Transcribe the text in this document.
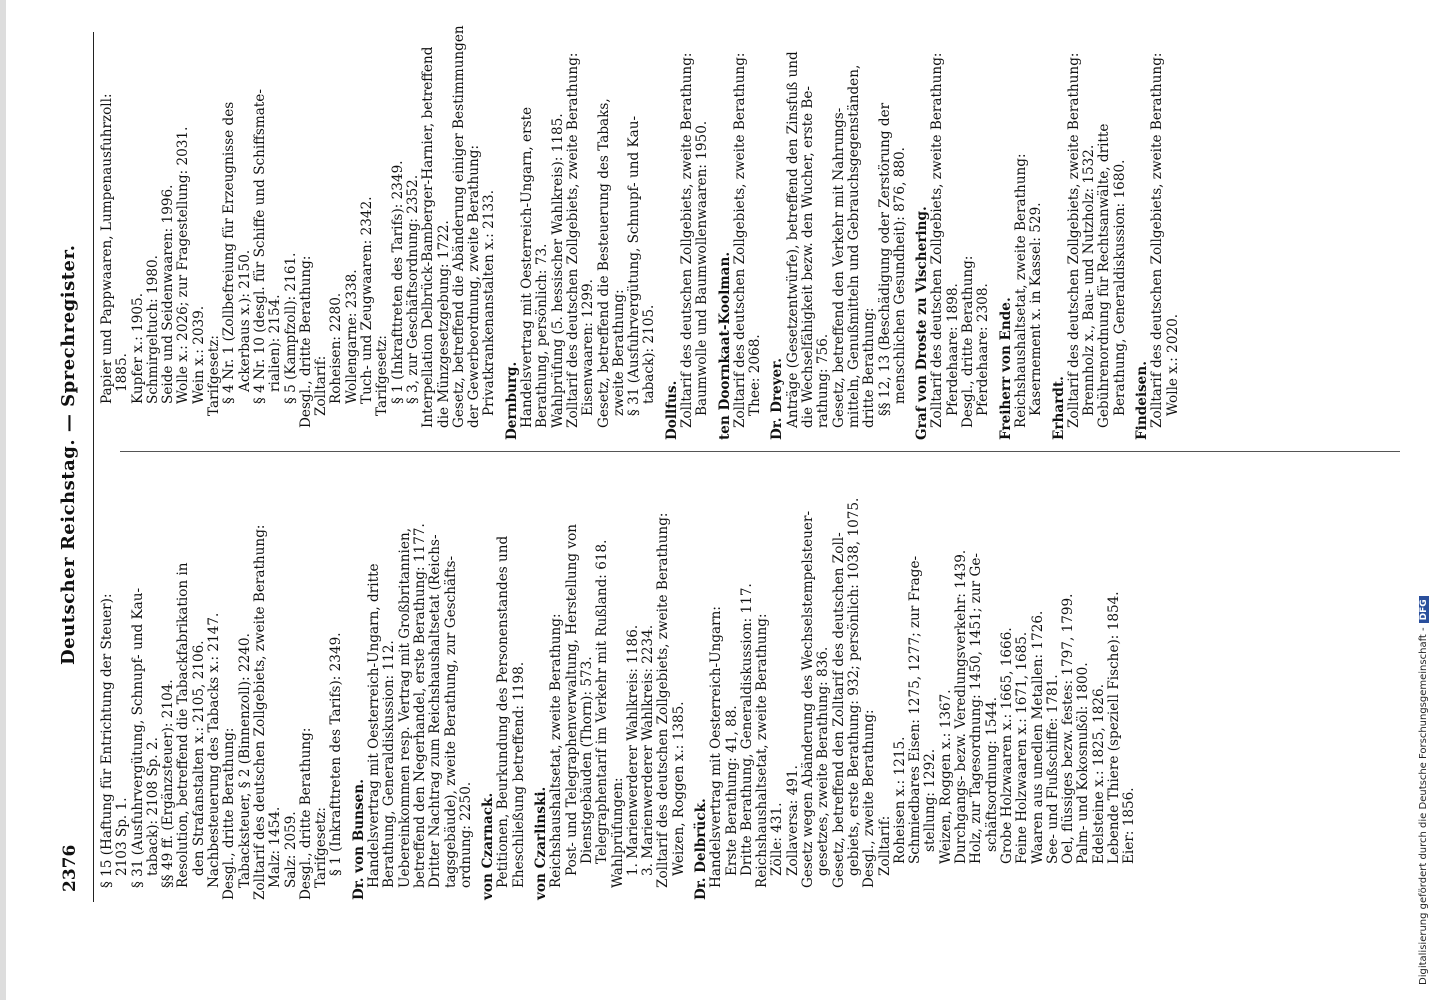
2376
Deutscher Reichstag. — Sprechregister.
§ 15 (Haftung für Entrichtung der Steuer): 2103 Sp. 1. § 31 (Ausfuhrvergütung, Schnupf- und Kau- taback): 2108 Sp. 2. §§ 49 ff. (Ergänzsteuer): 2104. Resolution, betreffend die Tabackfabrikation in den Strafanstalten x.: 2105, 2106. Nachbesteuerung des Tabacks x.: 2147. Desgl., dritte Berathung: Tabacksteuer, § 2 (Binnenzoll): 2240. Zolltarif des deutschen Zollgebiets, zweite Berathung: Malz: 1454. Salz: 2059. Desgl., dritte Berathung: Tarifgesetz: § 1 (Inkrafttreten des Tarifs): 2349. Dr. von Bunsen. Handelsvertrag mit Oesterreich-Ungarn, dritte Berathung, Generaldiskussion: 112. Uebereinkommen resp. Vertrag mit Großbritannien, betreffend den Negerhandel, erste Berathung: 1177. Dritter Nachtrag zum Reichshaushaltsetat (Reichs- tagsgebäude), zweite Berathung, zur Geschäfts- ordnung: 2250. von Czarnack. Petitionen, Beurkundung des Personenstandes und Eheschließung betreffend: 1198. von Czarlinski. Reichshaushaltsetat, zweite Berathung: Post- und Telegraphenverwaltung, Herstellung von Dienstgebäuden (Thorn): 573. Telegraphentarif im Verkehr mit Rußland: 618. Wahlprüfungen: 1. Marienwerderer Wahlkreis: 1186. 3. Marienwerderer Wahlkreis: 2234. Zolltarif des deutschen Zollgebiets, zweite Berathung: Weizen, Roggen x.: 1385. Dr. Delbrück. Handelsvertrag mit Oesterreich-Ungarn: Erste Berathung: 41, 88. Dritte Berathung, Generaldiskussion: 117. Reichshaushaltsetat, zweite Berathung: Zölle: 431. Zollaversa: 491. Gesetz wegen Abänderung des Wechselstempelsteuer- gesetzes, zweite Berathung: 836. Gesetz, betreffend den Zolltarif des deutschen Zoll- gebiets, erste Berathung: 932; persönlich: 1038, 1075. Desgl., zweite Berathung: Zolltarif: Roheisen x.: 1215. Schmiedbares Eisen: 1275, 1277; zur Frage- stellung: 1292. Weizen, Roggen x.: 1367. Durchgangs- bezw. Veredlungsverkehr: 1439. Holz, zur Tagesordnung: 1450, 1451; zur Ge- schäftsordnung: 1544. Grobe Holzwaaren x.: 1665, 1666. Feine Holzwaaren x.: 1671, 1685. Waaren aus unedlen Metallen: 1726. See- und Flußschiffe: 1781. Oel, flüssiges bezw. festes: 1797, 1799. Palm- und Kokosnußöl: 1800. Edelsteine x.: 1825, 1826. Lebende Thiere (speziell Fische): 1854. Eier: 1856.
Papier und Pappwaaren, Lumpenausfuhrzoll: 1885. Kupfer x.: 1905. Schmirgeltuch: 1980. Seide und Seidenwaaren: 1996. Wolle x.: 2026; zur Fragestellung: 2031. Wein x.: 2039. Tarifgesetz: § 4 Nr. 1 (Zollbefreiung für Erzeugnisse des Ackerbaus x.): 2150. § 4 Nr. 10 (desgl. für Schiffe und Schiffsmate- rialien): 2154. § 5 (Kampfzoll): 2161. Desgl., dritte Berathung: Zolltarif: Roheisen: 2280. Wollengarne: 2338. Tuch- und Zeugwaaren: 2342. Tarifgesetz: § 1 (Inkrafttreten des Tarifs): 2349. § 3, zur Geschäftsordnung: 2352. Interpellation Delbrück-Bamberger-Harnier, betreffend die Münzgesetzgebung: 1722. Gesetz, betreffend die Abänderung einiger Bestimmungen der Gewerbeordnung, zweite Berathung: Privatkrankenanstalten x.: 2133. Dernburg. Handelsvertrag mit Oesterreich-Ungarn, erste Berathung, persönlich: 73. Wahlprüfung (5. hessischer Wahlkreis): 1185. Zolltarif des deutschen Zollgebiets, zweite Berathung: Eisenwaaren: 1299. Gesetz, betreffend die Besteuerung des Tabaks, zweite Berathung: § 31 (Ausfuhrvergütung, Schnupf- und Kau- taback): 2105.
Dollfus. Zolltarif des deutschen Zollgebiets, zweite Berathung: Baumwolle und Baumwollenwaaren: 1950. ten Doornkaat-Koolman. Zolltarif des deutschen Zollgebiets, zweite Berathung: Thee: 2068. Dr. Dreyer. Anträge (Gesetzentwürfe), betreffend den Zinsfuß und die Wechselfähigkeit bezw. den Wucher, erste Be- rathung: 756. Gesetz, betreffend den Verkehr mit Nahrungs- mitteln, Genußmitteln und Gebrauchsgegenständen, dritte Berathung: §§ 12, 13 (Beschädigung oder Zerstörung der menschlichen Gesundheit): 876, 880. Graf von Droste zu Vischering. Zolltarif des deutschen Zollgebiets, zweite Berathung: Pferdehaare: 1898. Desgl., dritte Berathung: Pferdehaare: 2308. Freiherr von Ende. Reichshaushaltsetat, zweite Berathung: Kasernement x. in Kassel: 529. Erhardt. Zolltarif des deutschen Zollgebiets, zweite Berathung: Brennholz x., Bau- und Nutzholz: 1532. Gebührenordnung für Rechtsanwälte, dritte Berathung, Generaldiskussion: 1680. Findeisen. Zolltarif des deutschen Zollgebiets, zweite Berathung: Wolle x.: 2020.
Digitalisierung gefördert durch die Deutsche Forschungsgemeinschaft -DFG
